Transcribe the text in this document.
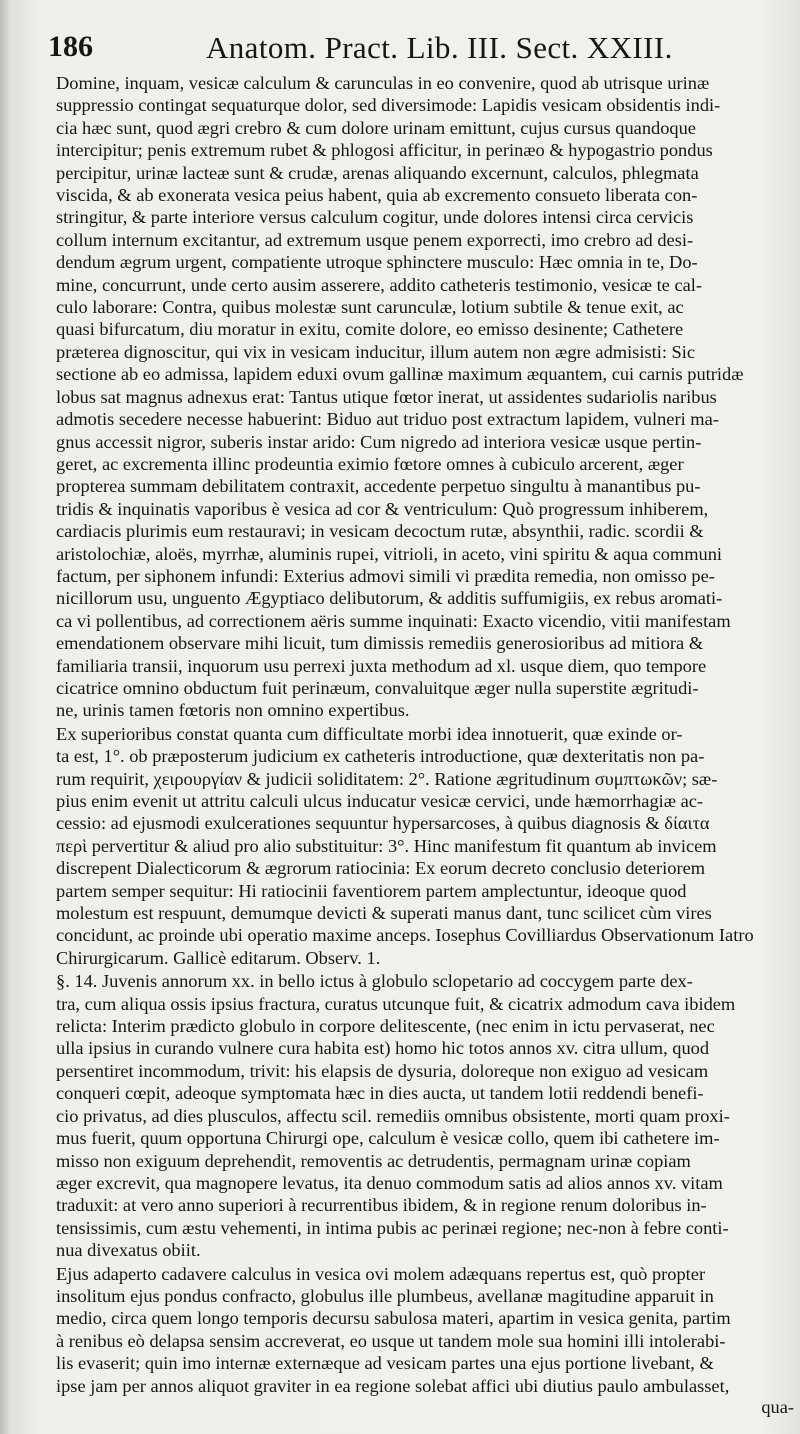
186	Anatom. Pract. Lib. III. Sect. XXIII.
Domine, inquam, vesicæ calculum & carunculas in eo convenire, quod ab utrisque urinæ
suppressio contingat sequaturque dolor, sed diversimode: Lapidis vesicam obsidentis indi-
cia hæc sunt, quod ægri crebro & cum dolore urinam emittunt, cujus cursus quandoque
intercipitur; penis extremum rubet & phlogosi afficitur, in perinæo & hypogastrio pondus
percipitur, urinæ lacteæ sunt & crudæ, arenas aliquando excernunt, calculos, phlegmata
viscida, & ab exonerata vesica peius habent, quia ab excremento consueto liberata con-
stringitur, & parte interiore versus calculum cogitur, unde dolores intensi circa cervicis
collum internum excitantur, ad extremum usque penem exporrecti, imo crebro ad desi-
dendum ægrum urgent, compatiente utroque sphinctere musculo: Hæc omnia in te, Do-
mine, concurrunt, unde certo ausim asserere, addito catheteris testimonio, vesicæ te cal-
culo laborare: Contra, quibus molestæ sunt carunculæ, lotium subtile & tenue exit, ac
quasi bifurcatum, diu moratur in exitu, comite dolore, eo emisso desinente; Cathetere
præterea dignoscitur, qui vix in vesicam inducitur, illum autem non ægre admisisti: Sic
sectione ab eo admissa, lapidem eduxi ovum gallinæ maximum æquantem, cui carnis putridæ
lobus sat magnus adnexus erat: Tantus utique fœtor inerat, ut assidentes sudariolis naribus
admotis secedere necesse habuerint: Biduo aut triduo post extractum lapidem, vulneri ma-
gnus accessit nigror, suberis instar arido: Cum nigredo ad interiora vesicæ usque pertin-
geret, ac excrementa illinc prodeuntia eximio fœtore omnes à cubiculo arcerent, æger
propterea summam debilitatem contraxit, accedente perpetuo singultu à manantibus pu-
tridis & inquinatis vaporibus è vesica ad cor & ventriculum: Quò progressum inhiberem,
cardiacis plurimis eum restauravi; in vesicam decoctum rutæ, absynthii, radic. scordii &
aristolochiæ, aloës, myrrhæ, aluminis rupei, vitrioli, in aceto, vini spiritu & aqua communi
factum, per siphonem infundi: Exterius admovi simili vi prædita remedia, non omisso pe-
nicillorum usu, unguento Ægyptiaco delibutorum, & additis suffumigiis, ex rebus aromati-
ca vi pollentibus, ad correctionem aëris summe inquinati: Exacto vicendio, vitii manifestam
emendationem observare mihi licuit, tum dimissis remediis generosioribus ad mitiora &
familiaria transii, inquorum usu perrexi juxta methodum ad xl. usque diem, quo tempore
cicatrice omnino obductum fuit perinæum, convaluitque æger nulla superstite ægritudi-
ne, urinis tamen fœtoris non omnino expertibus.
Ex superioribus constat quanta cum difficultate morbi idea innotuerit, quæ exinde or-
ta est, 1°. ob præposterum judicium ex catheteris introductione, quæ dexteritatis non pa-
rum requirit, χειρουργίαν & judicii soliditatem: 2°. Ratione ægritudinum συμπτωκῶν; sæ-
pius enim evenit ut attritu calculi ulcus inducatur vesicæ cervici, unde hæmorrhagiæ ac-
cessio: ad ejusmodi exulcerationes sequuntur hypersarcoses, à quibus diagnosis & δίαιτα
περὶ pervertitur & aliud pro alio substituitur: 3°. Hinc manifestum fit quantum ab invicem
discrepent Dialecticorum & ægrorum ratiocinia: Ex eorum decreto conclusio deteriorem
partem semper sequitur: Hi ratiocinii faventiorem partem amplectuntur, ideoque quod
molestum est respuunt, demumque devicti & superati manus dant, tunc scilicet cùm vires
concidunt, ac proinde ubi operatio maxime anceps. Iosephus Covilliardus Observationum Iatro
Chirurgicarum. Gallicè editarum. Observ. 1.
§. 14. Juvenis annorum xx. in bello ictus à globulo sclopetario ad coccygem parte dex-
tra, cum aliqua ossis ipsius fractura, curatus utcunque fuit, & cicatrix admodum cava ibidem
relicta: Interim prædicto globulo in corpore delitescente, (nec enim in ictu pervaserat, nec
ulla ipsius in curando vulnere cura habita est) homo hic totos annos xv. citra ullum, quod
persentiret incommodum, trivit: his elapsis de dysuria, doloreque non exiguo ad vesicam
conqueri cœpit, adeoque symptomata hæc in dies aucta, ut tandem lotii reddendi benefi-
cio privatus, ad dies plusculos, affectu scil. remediis omnibus obsistente, morti quam proxi-
mus fuerit, quum opportuna Chirurgi ope, calculum è vesicæ collo, quem ibi cathetere im-
misso non exiguum deprehendit, removentis ac detrudentis, permagnam urinæ copiam
æger excrevit, qua magnopere levatus, ita denuo commodum satis ad alios annos xv. vitam
traduxit: at vero anno superiori à recurrentibus ibidem, & in regione renum doloribus in-
tensissimis, cum æstu vehementi, in intima pubis ac perinæi regione; nec-non à febre conti-
nua divexatus obiit.
Ejus adaperto cadavere calculus in vesica ovi molem adæquans repertus est, quò propter
insolitum ejus pondus confracto, globulus ille plumbeus, avellanæ magitudine apparuit in
medio, circa quem longo temporis decursu sabulosa materi, apartim in vesica genita, partim
à renibus eò delapsa sensim accreverat, eo usque ut tandem mole sua homini illi intolerabi-
lis evaserit; quin imo internæ externæque ad vesicam partes una ejus portione livebant, &
ipse jam per annos aliquot graviter in ea regione solebat affici ubi diutius paulo ambulasset,
qua-
